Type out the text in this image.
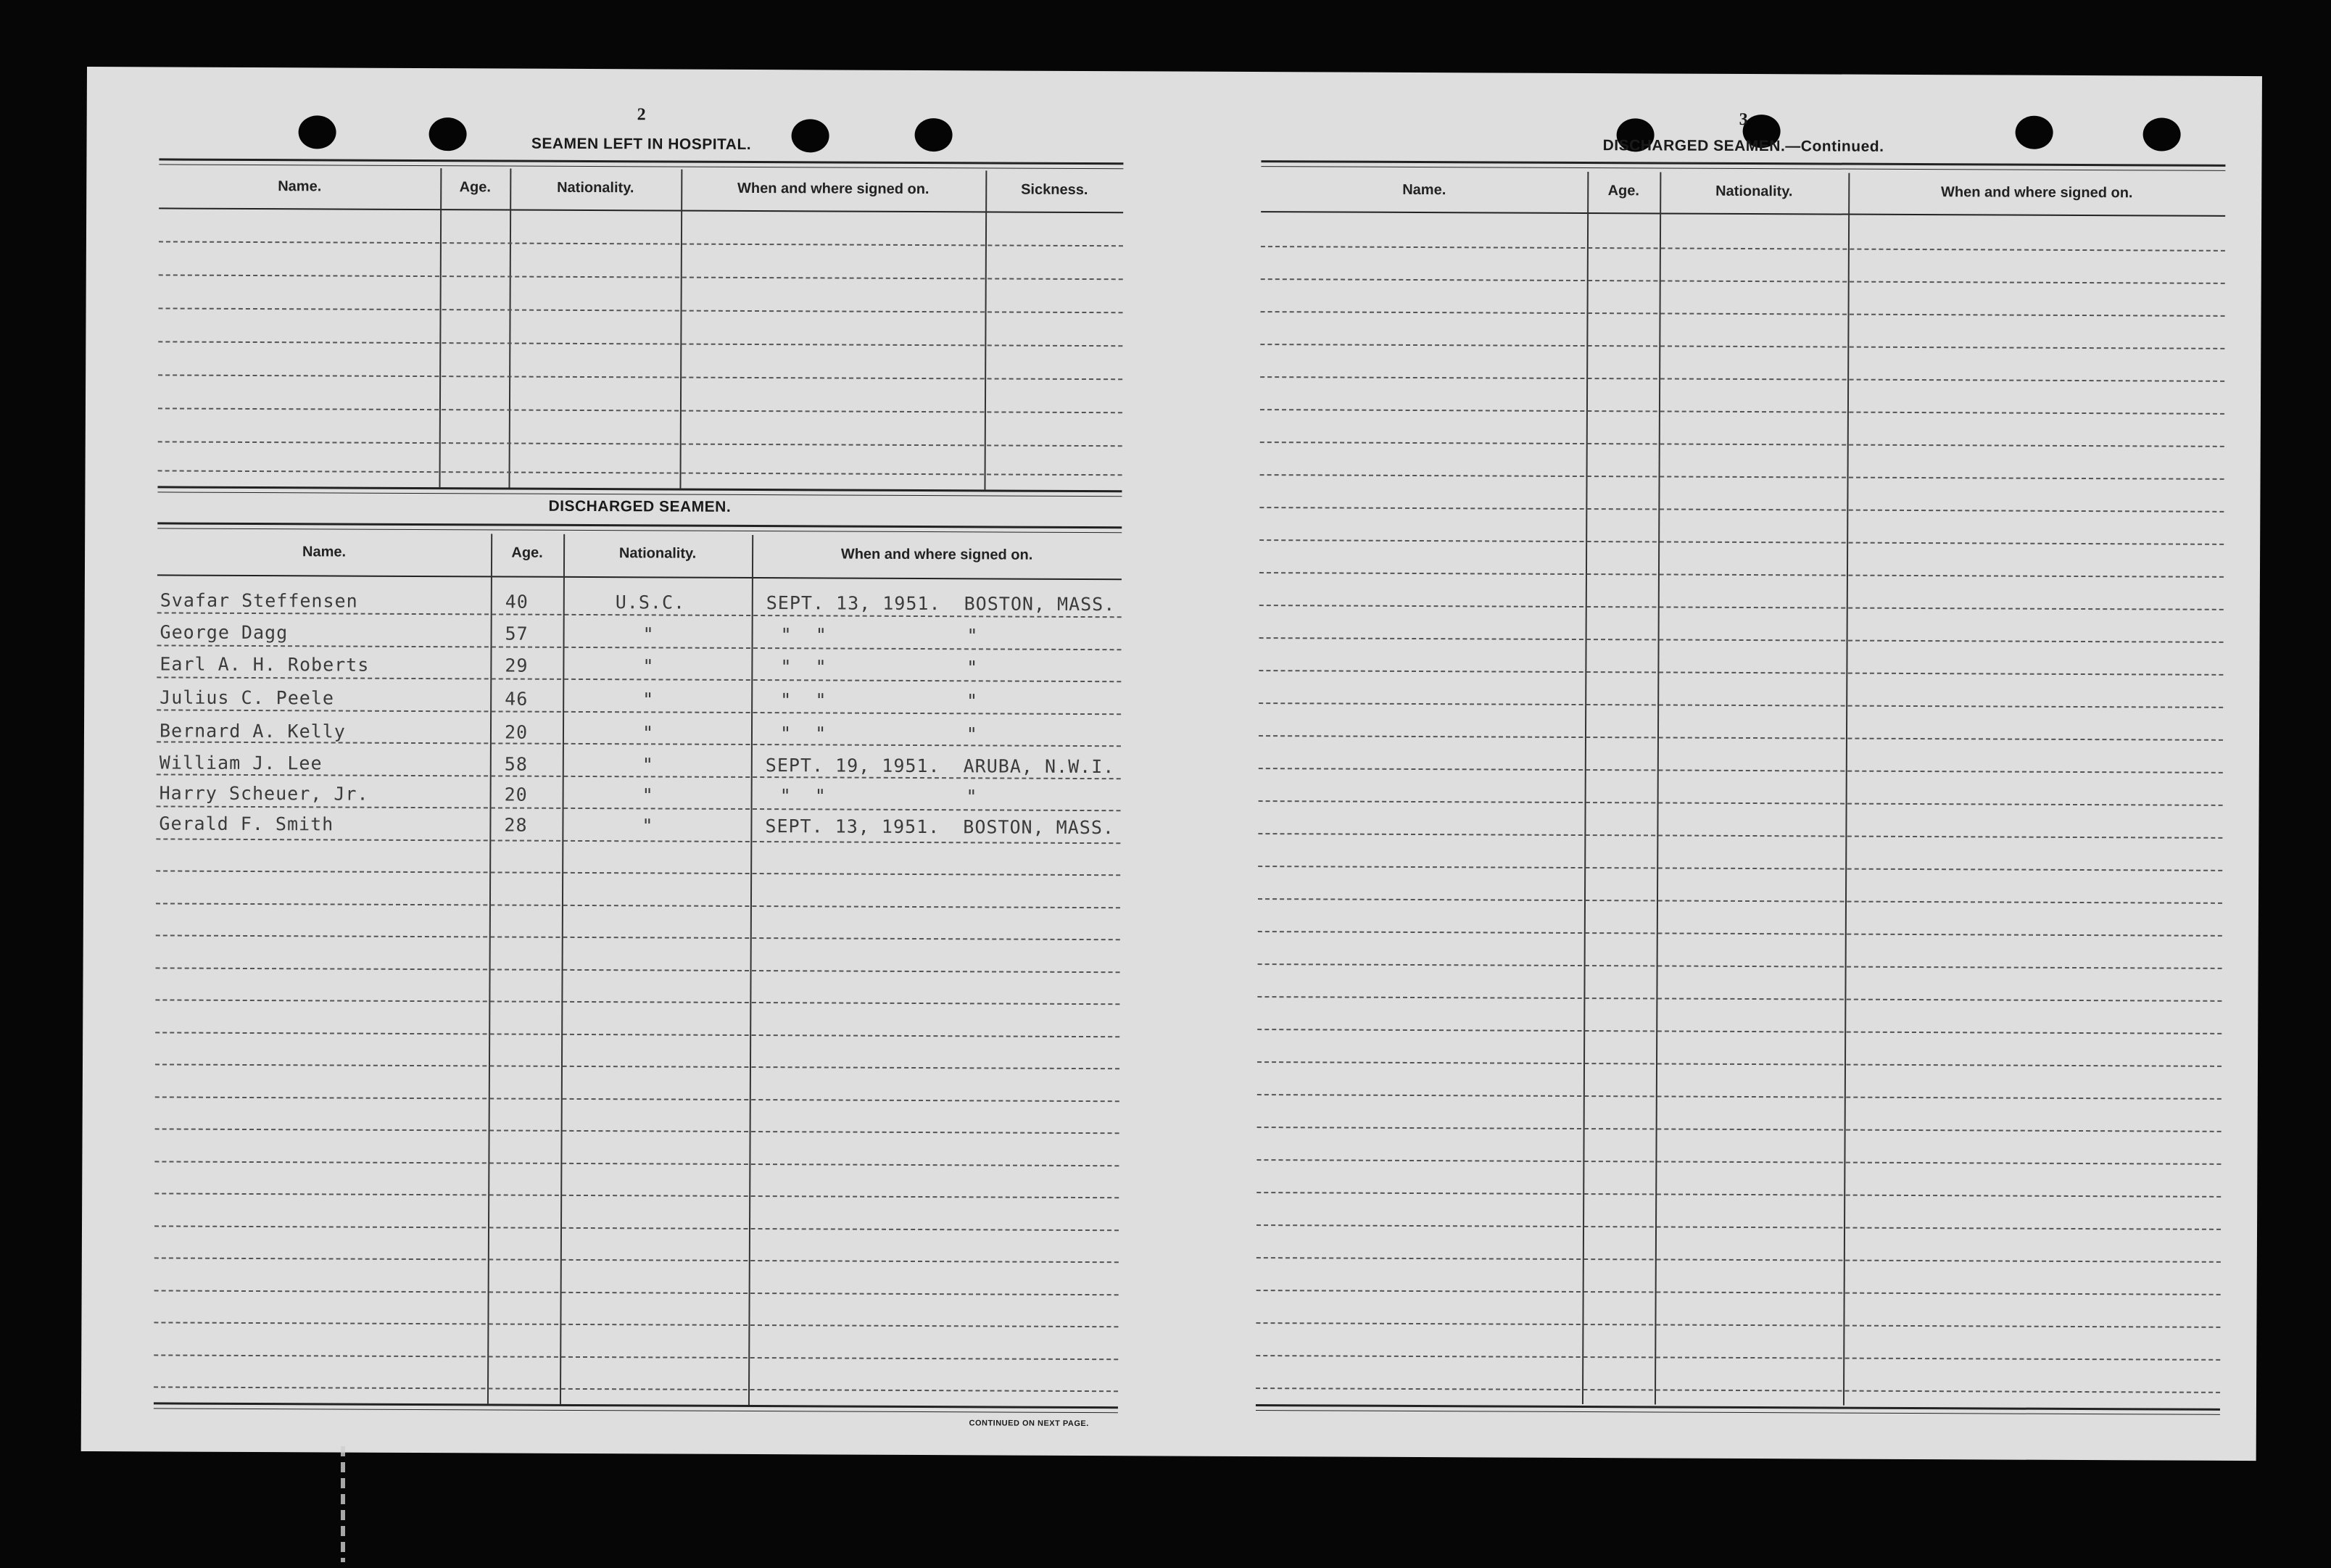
2
SEAMEN LEFT IN HOSPITAL.
Name.	Age.	Nationality.	When and where signed on.	Sickness.
DISCHARGED SEAMEN.
Name.	Age.	Nationality.	When and where signed on.
Svafar Steffensen	40	U.S.C.	SEPT. 13, 1951.  BOSTON, MASS.
George Dagg	57	"	"  "            "
Earl A. H. Roberts	29	"	"  "            "
Julius C. Peele	46	"	"  "            "
Bernard A. Kelly	20	"	"  "            "
William J. Lee	58	"	SEPT. 19, 1951.  ARUBA, N.W.I.
Harry Scheuer, Jr.	20	"	"  "            "
Gerald F. Smith	28	"	SEPT. 13, 1951.  BOSTON, MASS.
CONTINUED ON NEXT PAGE.
3
DISCHARGED SEAMEN.—Continued.
Name.	Age.	Nationality.	When and where signed on.
